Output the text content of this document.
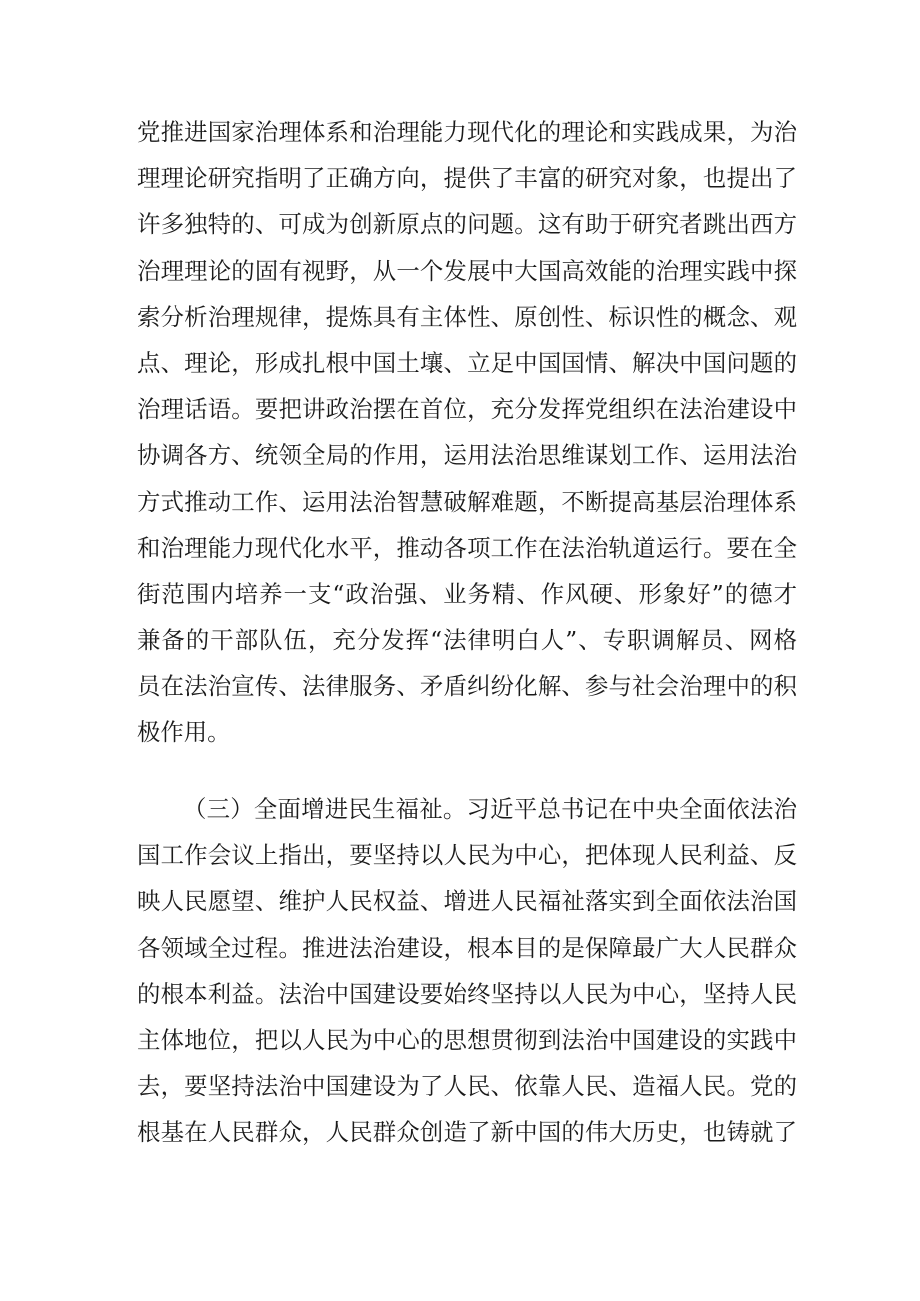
党推进国家治理体系和治理能力现代化的理论和实践成果，为治
理理论研究指明了正确方向，提供了丰富的研究对象，也提出了
许多独特的、可成为创新原点的问题。这有助于研究者跳出西方
治理理论的固有视野，从一个发展中大国高效能的治理实践中探
索分析治理规律，提炼具有主体性、原创性、标识性的概念、观
点、理论，形成扎根中国土壤、立足中国国情、解决中国问题的
治理话语。要把讲政治摆在首位，充分发挥党组织在法治建设中
协调各方、统领全局的作用，运用法治思维谋划工作、运用法治
方式推动工作、运用法治智慧破解难题，不断提高基层治理体系
和治理能力现代化水平，推动各项工作在法治轨道运行。要在全
街范围内培养一支“政治强、业务精、作风硬、形象好”的德才
兼备的干部队伍，充分发挥“法律明白人”、专职调解员、网格
员在法治宣传、法律服务、矛盾纠纷化解、参与社会治理中的积
极作用。
（三）全面增进民生福祉。习近平总书记在中央全面依法治
国工作会议上指出，要坚持以人民为中心，把体现人民利益、反
映人民愿望、维护人民权益、增进人民福祉落实到全面依法治国
各领域全过程。推进法治建设，根本目的是保障最广大人民群众
的根本利益。法治中国建设要始终坚持以人民为中心，坚持人民
主体地位，把以人民为中心的思想贯彻到法治中国建设的实践中
去，要坚持法治中国建设为了人民、依靠人民、造福人民。党的
根基在人民群众，人民群众创造了新中国的伟大历史，也铸就了
